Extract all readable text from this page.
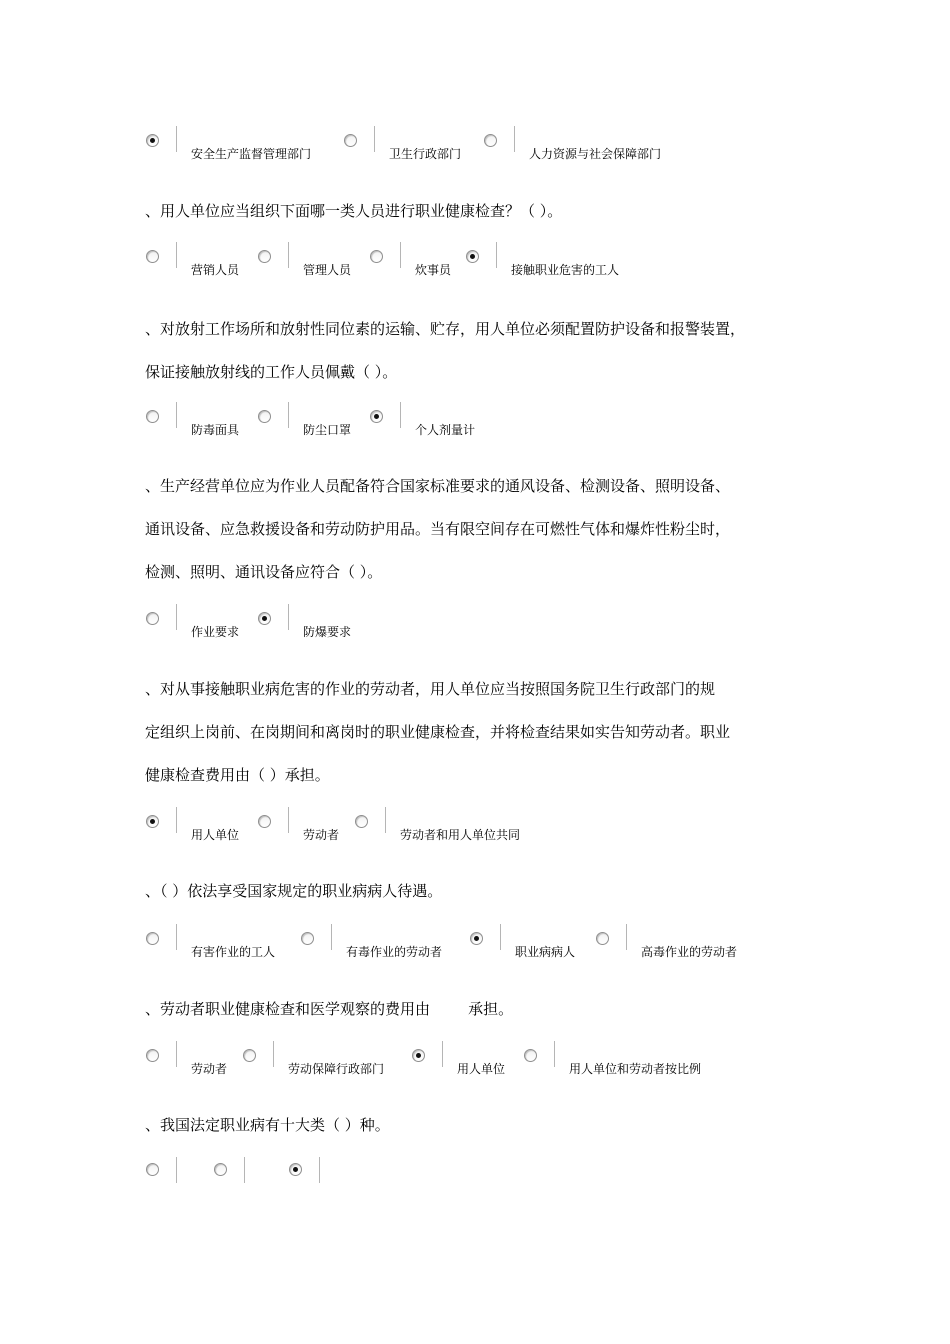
安全生产监督管理部门	卫生行政部门	人力资源与社会保障部门

、用人单位应当组织下面哪一类人员进行职业健康检查？（ ）。

营销人员	管理人员	炊事员	接触职业危害的工人
、对放射工作场所和放射性同位素的运输、贮存，用人单位必须配置防护设备和报警装置，
保证接触放射线的工作人员佩戴（ ）。
防毒面具	防尘口罩	个人剂量计
、生产经营单位应为作业人员配备符合国家标准要求的通风设备、检测设备、照明设备、
通讯设备、应急救援设备和劳动防护用品。当有限空间存在可燃性气体和爆炸性粉尘时，
检测、照明、通讯设备应符合（ ）。
作业要求	防爆要求
、对从事接触职业病危害的作业的劳动者，用人单位应当按照国务院卫生行政部门的规
定组织上岗前、在岗期间和离岗时的职业健康检查，并将检查结果如实告知劳动者。职业
健康检查费用由（ ）承担。
用人单位	劳动者	劳动者和用人单位共同

、（ ）依法享受国家规定的职业病病人待遇。

有害作业的工人	有毒作业的劳动者	职业病病人	高毒作业的劳动者

、劳动者职业健康检查和医学观察的费用由        承担。

劳动者	劳动保障行政部门	用人单位	用人单位和劳动者按比例

、我国法定职业病有十大类（ ）种。
